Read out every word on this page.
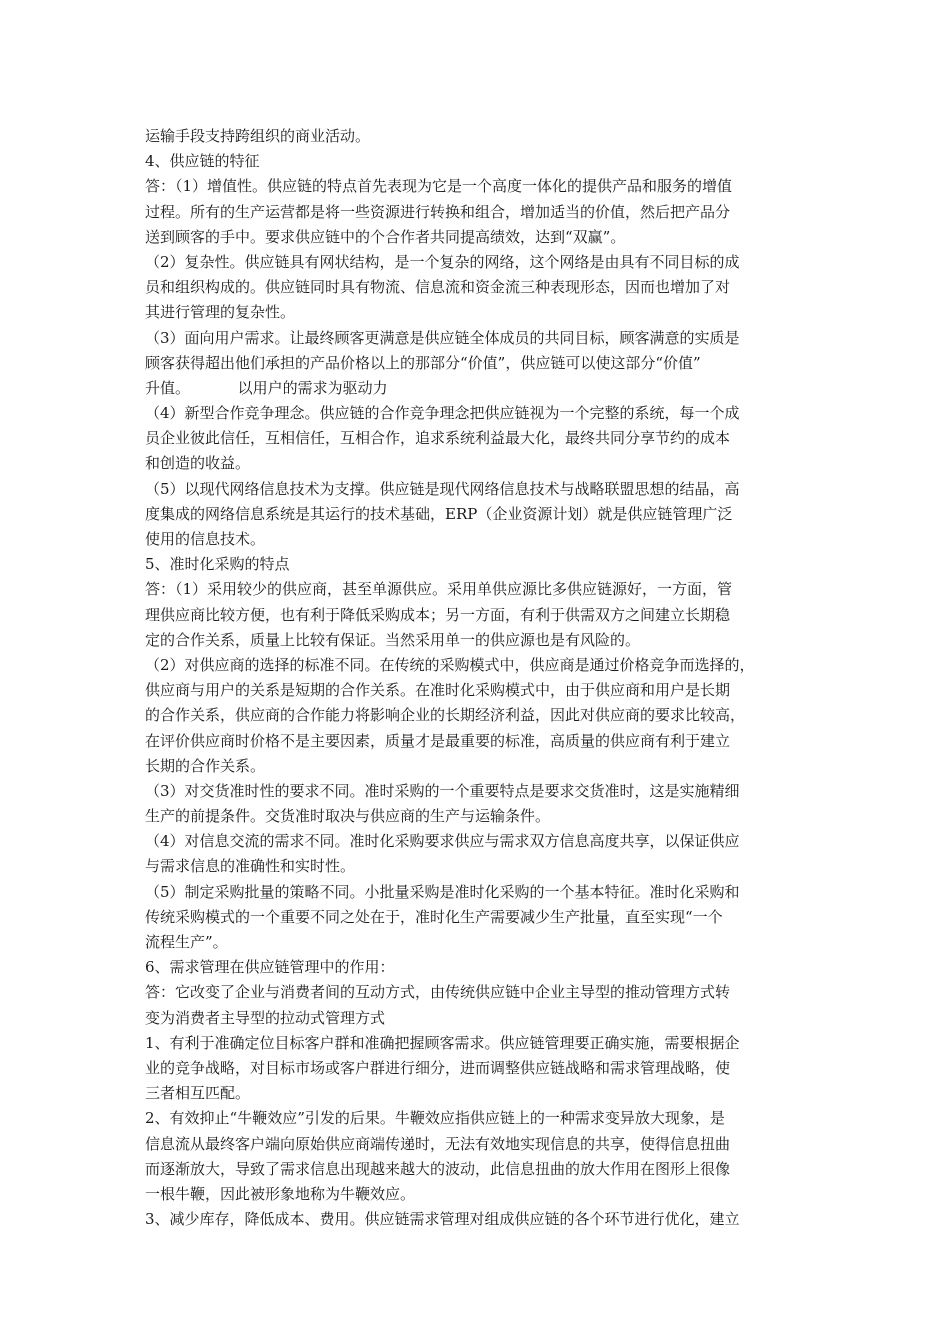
运输手段支持跨组织的商业活动。
4、供应链的特征
答：（1）增值性。供应链的特点首先表现为它是一个高度一体化的提供产品和服务的增值
过程。所有的生产运营都是将一些资源进行转换和组合，增加适当的价值，然后把产品分
送到顾客的手中。要求供应链中的个合作者共同提高绩效，达到“双赢”。
（2）复杂性。供应链具有网状结构，是一个复杂的网络，这个网络是由具有不同目标的成
员和组织构成的。供应链同时具有物流、信息流和资金流三种表现形态，因而也增加了对
其进行管理的复杂性。
（3）面向用户需求。让最终顾客更满意是供应链全体成员的共同目标，顾客满意的实质是
顾客获得超出他们承担的产品价格以上的那部分“价值”，供应链可以使这部分“价值”
升值。          以用户的需求为驱动力
（4）新型合作竞争理念。供应链的合作竞争理念把供应链视为一个完整的系统，每一个成
员企业彼此信任，互相信任，互相合作，追求系统利益最大化，最终共同分享节约的成本
和创造的收益。
（5）以现代网络信息技术为支撑。供应链是现代网络信息技术与战略联盟思想的结晶，高
度集成的网络信息系统是其运行的技术基础，ERP（企业资源计划）就是供应链管理广泛
使用的信息技术。
5、准时化采购的特点
答：（1）采用较少的供应商，甚至单源供应。采用单供应源比多供应链源好，一方面，管
理供应商比较方便，也有利于降低采购成本；另一方面，有利于供需双方之间建立长期稳
定的合作关系，质量上比较有保证。当然采用单一的供应源也是有风险的。
（2）对供应商的选择的标准不同。在传统的采购模式中，供应商是通过价格竞争而选择的，
供应商与用户的关系是短期的合作关系。在准时化采购模式中，由于供应商和用户是长期
的合作关系，供应商的合作能力将影响企业的长期经济利益，因此对供应商的要求比较高，
在评价供应商时价格不是主要因素，质量才是最重要的标准，高质量的供应商有利于建立
长期的合作关系。
（3）对交货准时性的要求不同。准时采购的一个重要特点是要求交货准时，这是实施精细
生产的前提条件。交货准时取决与供应商的生产与运输条件。
（4）对信息交流的需求不同。准时化采购要求供应与需求双方信息高度共享，以保证供应
与需求信息的准确性和实时性。
（5）制定采购批量的策略不同。小批量采购是准时化采购的一个基本特征。准时化采购和
传统采购模式的一个重要不同之处在于，准时化生产需要减少生产批量，直至实现“一个
流程生产”。
6、需求管理在供应链管理中的作用：
答：它改变了企业与消费者间的互动方式，由传统供应链中企业主导型的推动管理方式转
变为消费者主导型的拉动式管理方式
1、有利于准确定位目标客户群和准确把握顾客需求。供应链管理要正确实施，需要根据企
业的竞争战略，对目标市场或客户群进行细分，进而调整供应链战略和需求管理战略，使
三者相互匹配。
2、有效抑止“牛鞭效应”引发的后果。牛鞭效应指供应链上的一种需求变异放大现象，是
信息流从最终客户端向原始供应商端传递时，无法有效地实现信息的共享，使得信息扭曲
而逐渐放大，导致了需求信息出现越来越大的波动，此信息扭曲的放大作用在图形上很像
一根牛鞭，因此被形象地称为牛鞭效应。
3、减少库存，降低成本、费用。供应链需求管理对组成供应链的各个环节进行优化，建立
